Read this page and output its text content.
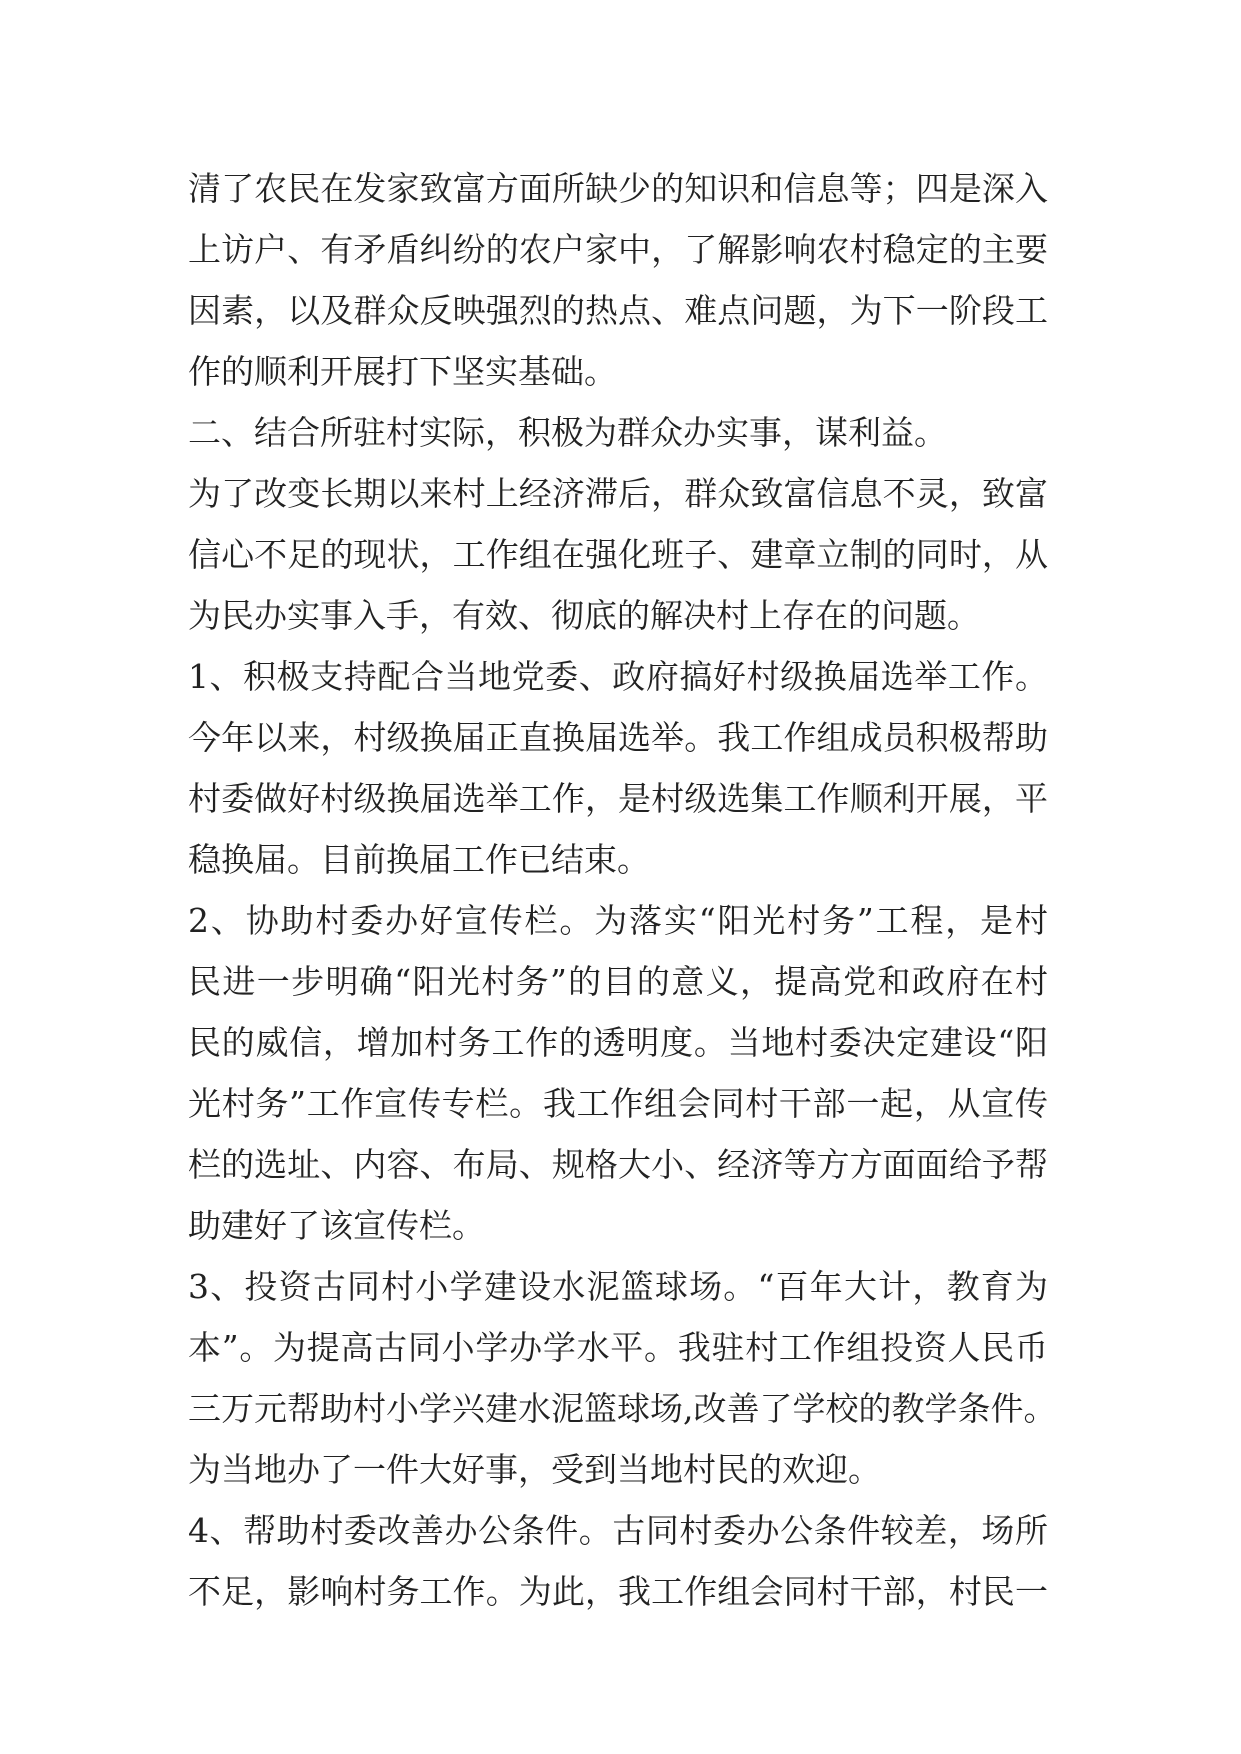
清了农民在发家致富方面所缺少的知识和信息等；四是深入
上访户、有矛盾纠纷的农户家中，了解影响农村稳定的主要
因素，以及群众反映强烈的热点、难点问题，为下一阶段工
作的顺利开展打下坚实基础。
二、结合所驻村实际，积极为群众办实事，谋利益。
为了改变长期以来村上经济滞后，群众致富信息不灵，致富
信心不足的现状，工作组在强化班子、建章立制的同时，从
为民办实事入手，有效、彻底的解决村上存在的问题。
1、积极支持配合当地党委、政府搞好村级换届选举工作。
今年以来，村级换届正直换届选举。我工作组成员积极帮助
村委做好村级换届选举工作，是村级选集工作顺利开展，平
稳换届。目前换届工作已结束。
2、协助村委办好宣传栏。为落实“阳光村务”工程，是村
民进一步明确“阳光村务”的目的意义，提高党和政府在村
民的威信，增加村务工作的透明度。当地村委决定建设“阳
光村务”工作宣传专栏。我工作组会同村干部一起，从宣传
栏的选址、内容、布局、规格大小、经济等方方面面给予帮
助建好了该宣传栏。
3、投资古同村小学建设水泥篮球场。“百年大计，教育为
本”。为提高古同小学办学水平。我驻村工作组投资人民币
三万元帮助村小学兴建水泥篮球场,改善了学校的教学条件。
为当地办了一件大好事，受到当地村民的欢迎。
4、帮助村委改善办公条件。古同村委办公条件较差，场所
不足，影响村务工作。为此，我工作组会同村干部，村民一
